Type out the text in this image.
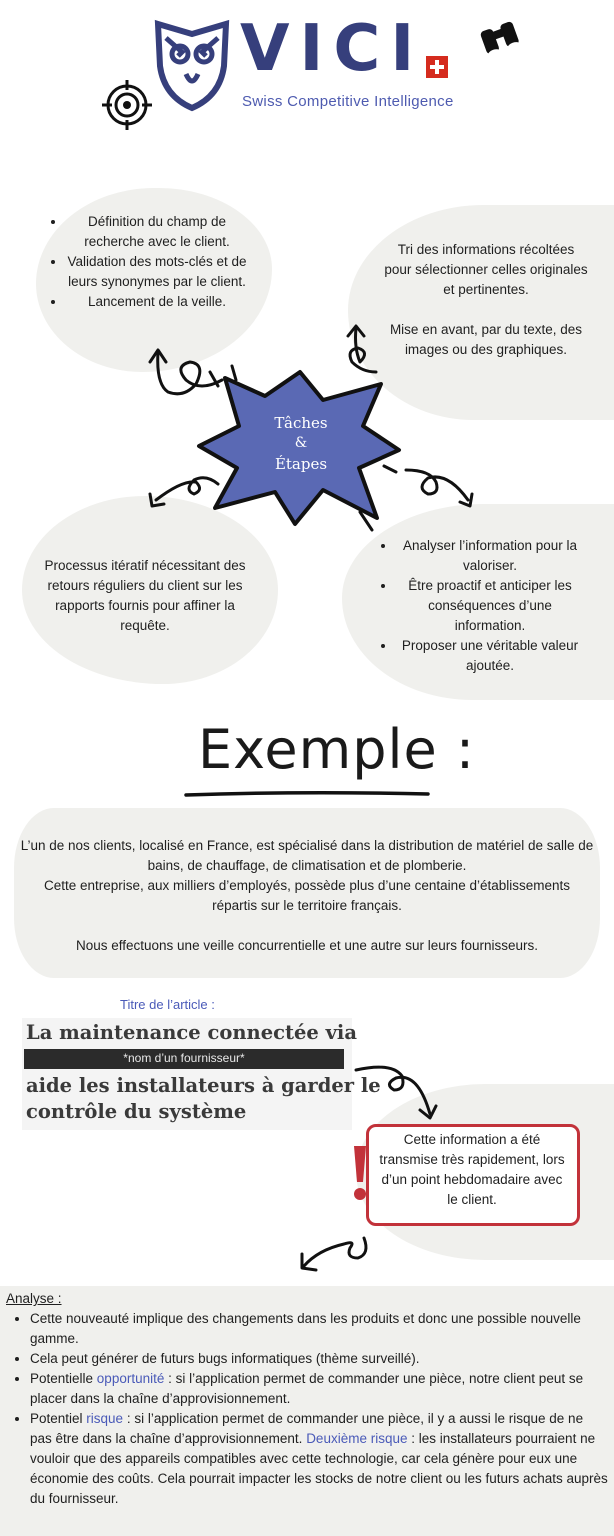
VICI
Swiss Competitive Intelligence
• Définition du champ de recherche avec le client.
• Validation des mots-clés et de leurs synonymes par le client.
• Lancement de la veille.
Tri des informations récoltées pour sélectionner celles originales et pertinentes.
Mise en avant, par du texte, des images ou des graphiques.
Processus itératif nécessitant des retours réguliers du client sur les rapports fournis pour affiner la requête.
• Analyser l’information pour la valoriser.
• Être proactif et anticiper les conséquences d’une information.
• Proposer une véritable valeur ajoutée.
Tâches
&
Étapes
Exemple :
L’un de nos clients, localisé en France, est spécialisé dans la distribution de matériel de salle de bains, de chauffage, de climatisation et de plomberie.
Cette entreprise, aux milliers d’employés, possède plus d’une centaine d’établissements répartis sur le territoire français.
Nous effectuons une veille concurrentielle et une autre sur leurs fournisseurs.
Titre de l’article :
La maintenance connectée via
*nom d’un fournisseur*
aide les installateurs à garder le
contrôle du système
Cette information a été transmise très rapidement, lors d’un point hebdomadaire avec le client.
Analyse :
• Cette nouveauté implique des changements dans les produits et donc une possible nouvelle gamme.
• Cela peut générer de futurs bugs informatiques (thème surveillé).
• Potentielle opportunité : si l’application permet de commander une pièce, notre client peut se placer dans la chaîne d’approvisionnement.
• Potentiel risque : si l’application permet de commander une pièce, il y a aussi le risque de ne pas être dans la chaîne d’approvisionnement. Deuxième risque : les installateurs pourraient ne vouloir que des appareils compatibles avec cette technologie, car cela génère pour eux une économie des coûts. Cela pourrait impacter les stocks de notre client ou les futurs achats auprès du fournisseur.
